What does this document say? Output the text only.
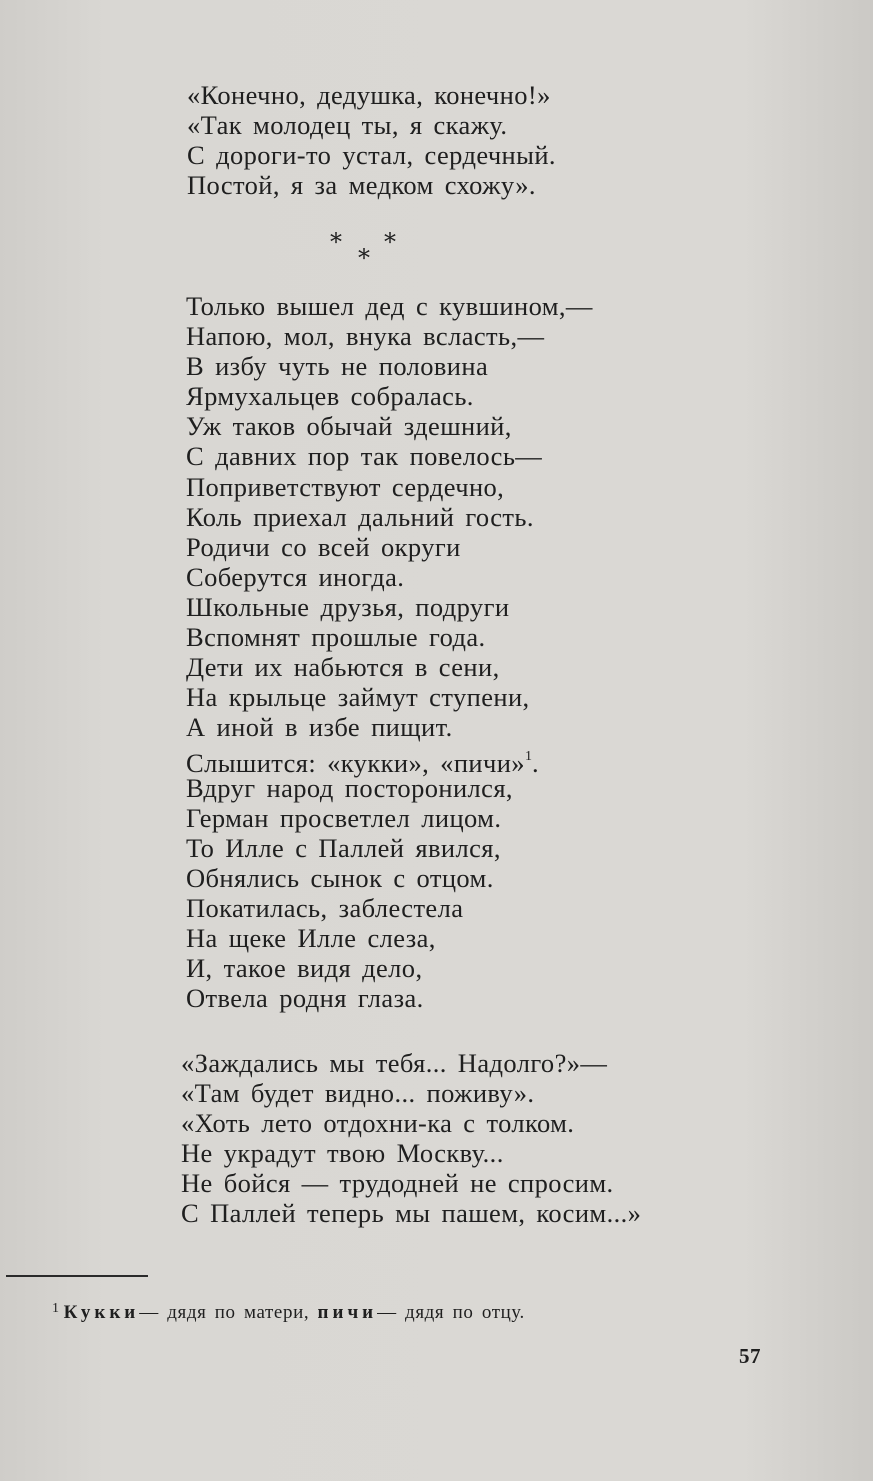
«Конечно, дедушка, конечно!»
«Так молодец ты, я скажу.
С дороги-то устал, сердечный.
Постой, я за медком схожу».
*
*
*
Только вышел дед с кувшином,—
Напою, мол, внука всласть,—
В избу чуть не половина
Ярмухальцев собралась.
Уж таков обычай здешний,
С давних пор так повелось—
Поприветствуют сердечно,
Коль приехал дальний гость.
Родичи со всей округи
Соберутся иногда.
Школьные друзья, подруги
Вспомнят прошлые года.
Дети их набьются в сени,
На крыльце займут ступени,
А иной в избе пищит.
Слышится: «кукки», «пичи»$^1$.
Вдруг народ посторонился,
Герман просветлел лицом.
То Илле с Паллей явился,
Обнялись сынок с отцом.
Покатилась, заблестела
На щеке Илле слеза,
И, такое видя дело,
Отвела родня глаза.
«Заждались мы тебя... Надолго?»—
«Там будет видно... поживу».
«Хоть лето отдохни-ка с толком.
Не украдут твою Москву...
Не бойся — трудодней не спросим.
С Паллей теперь мы пашем, косим...»
$^1$ Кукки— дядя по матери, пичи— дядя по отцу.
57
